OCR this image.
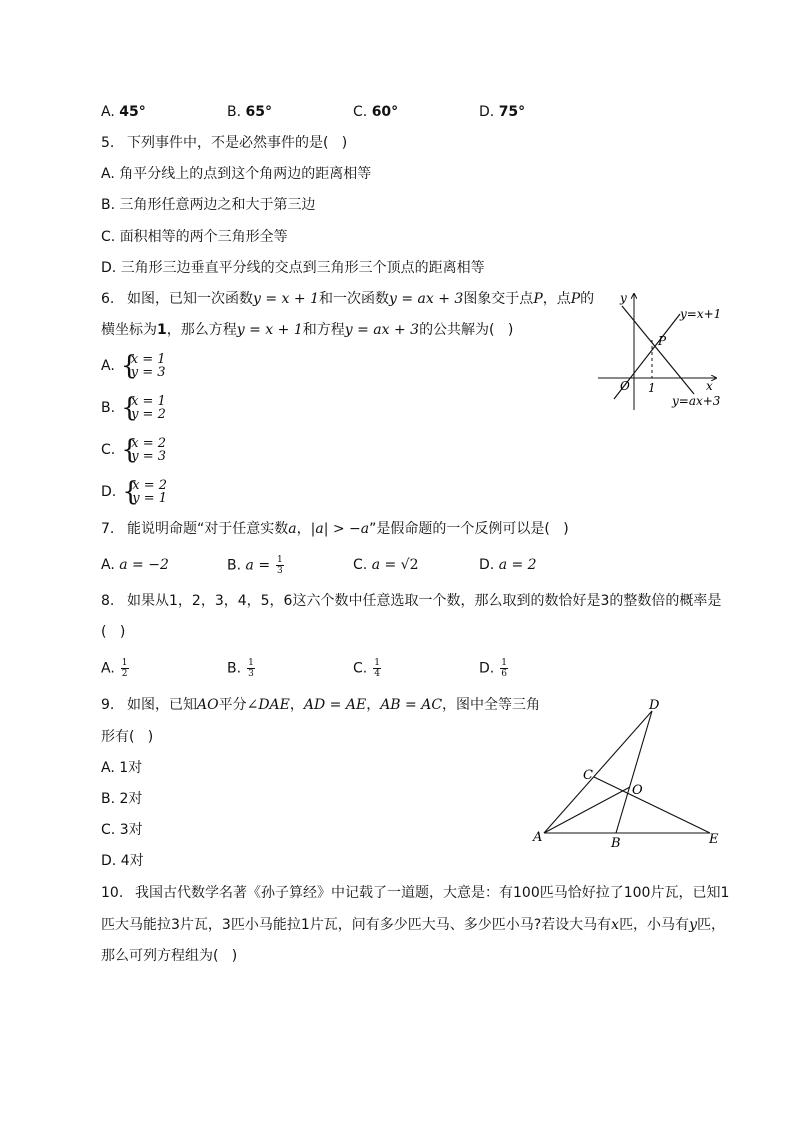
A. 45°	B. 65°	C. 60°	D. 75°
5. 下列事件中，不是必然事件的是(   )
A. 角平分线上的点到这个角两边的距离相等
B. 三角形任意两边之和大于第三边
C. 面积相等的两个三角形全等
D. 三角形三边垂直平分线的交点到三角形三个顶点的距离相等
6. 如图，已知一次函数y = x + 1和一次函数y = ax + 3图象交于点P，点P的
横坐标为1，那么方程y = x + 1和方程y = ax + 3的公共解为(   )
A. {
x = 1
y = 3
B. {
x = 1
y = 2
C. {
x = 2
y = 3
D. {
x = 2
y = 1
y
x
O 1
P
y=x+1
y=ax+3
7. 能说明命题“对于任意实数a，|a| > −a”是假命题的一个反例可以是(   )
A. a = −2	B. $a = \frac{1}{3}$	C. a = √2	D. a = 2
8. 如果从1，2，3，4，5，6这六个数中任意选取一个数，那么取到的数恰好是3的整数倍的概率是
(   )
A. $\frac{1}{2}$	B. $\frac{1}{3}$	C. $\frac{1}{4}$	D. $\frac{1}{6}$
9. 如图，已知AO平分∠DAE，AD = AE，AB = AC，图中全等三角
形有(   )
A. 1对
B. 2对
C. 3对
D. 4对
D
C
O
A	B	E
10. 我国古代数学名著《孙子算经》中记载了一道题，大意是：有100匹马恰好拉了100片瓦，已知1
匹大马能拉3片瓦，3匹小马能拉1片瓦，问有多少匹大马、多少匹小马?若设大马有x匹，小马有y匹，
那么可列方程组为(   )
